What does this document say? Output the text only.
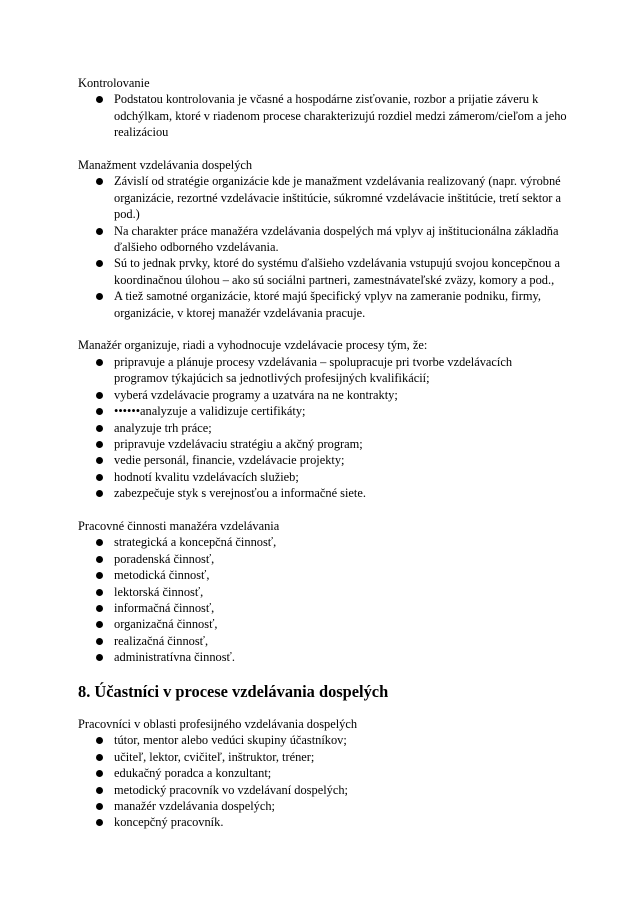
Kontrolovanie

Podstatou kontrolovania je včasné a hospodárne zisťovanie, rozbor a prijatie záveru k odchýlkam, ktoré v riadenom procese charakterizujú rozdiel medzi zámerom/cieľom a jeho realizáciou

Manažment vzdelávania dospelých

Závislí od stratégie organizácie kde je manažment vzdelávania realizovaný (napr. výrobné organizácie, rezortné vzdelávacie inštitúcie, súkromné vzdelávacie inštitúcie, tretí sektor a pod.)
Na charakter práce manažéra vzdelávania dospelých má vplyv aj inštitucionálna základňa ďalšieho odborného vzdelávania.
Sú to jednak prvky, ktoré do systému ďalšieho vzdelávania vstupujú svojou koncepčnou a koordinačnou úlohou – ako sú sociálni partneri, zamestnávateľské zväzy, komory a pod.,
A tiež samotné organizácie, ktoré majú špecifický vplyv na zameranie podniku, firmy, organizácie, v ktorej manažér vzdelávania pracuje.

Manažér organizuje, riadi a vyhodnocuje vzdelávacie procesy tým, že:

pripravuje a plánuje procesy vzdelávania – spolupracuje pri tvorbe vzdelávacích programov týkajúcich sa jednotlivých profesijných kvalifikácií;
vyberá vzdelávacie programy a uzatvára na ne kontrakty;
••••••analyzuje a validizuje certifikáty;
analyzuje trh práce;
pripravuje vzdelávaciu stratégiu a akčný program;
vedie personál, financie, vzdelávacie projekty;
hodnotí kvalitu vzdelávacích služieb;
zabezpečuje styk s verejnosťou a informačné siete.

Pracovné činnosti manažéra vzdelávania

strategická a koncepčná činnosť,
poradenská činnosť,
metodická činnosť,
lektorská činnosť,
informačná činnosť,
organizačná činnosť,
realizačná činnosť,
administratívna činnosť.
8. Účastníci v procese vzdelávania dospelých

Pracovníci v oblasti profesijného vzdelávania dospelých

tútor, mentor alebo vedúci skupiny účastníkov;
učiteľ, lektor, cvičiteľ, inštruktor, tréner;
edukačný poradca a konzultant;
metodický pracovník vo vzdelávaní dospelých;
manažér vzdelávania dospelých;
koncepčný pracovník.
